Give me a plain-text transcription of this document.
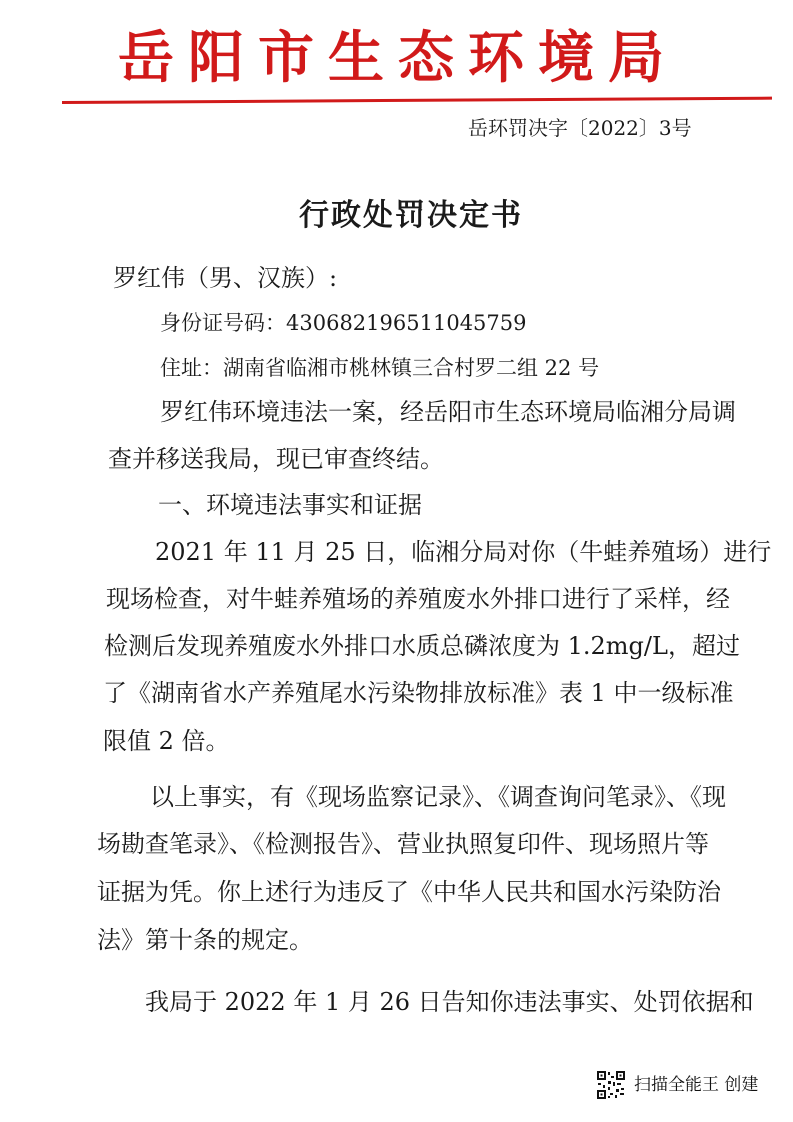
岳阳市生态环境局
岳环罚决字〔2022〕3号
行政处罚决定书
罗红伟（男、汉族）:
身份证号码：430682196511045759
住址：湖南省临湘市桃林镇三合村罗二组 22 号
罗红伟环境违法一案，经岳阳市生态环境局临湘分局调
查并移送我局，现已审查终结。
一、环境违法事实和证据
2021 年 11 月 25 日，临湘分局对你（牛蛙养殖场）进行
现场检查，对牛蛙养殖场的养殖废水外排口进行了采样，经
检测后发现养殖废水外排口水质总磷浓度为 1.2mg/L，超过
了《湖南省水产养殖尾水污染物排放标准》表 1 中一级标准
限值 2 倍。
以上事实，有《现场监察记录》、《调查询问笔录》、《现
场勘查笔录》、《检测报告》、营业执照复印件、现场照片等
证据为凭。你上述行为违反了《中华人民共和国水污染防治
法》第十条的规定。
我局于 2022 年 1 月 26 日告知你违法事实、处罚依据和
扫描全能王 创建
